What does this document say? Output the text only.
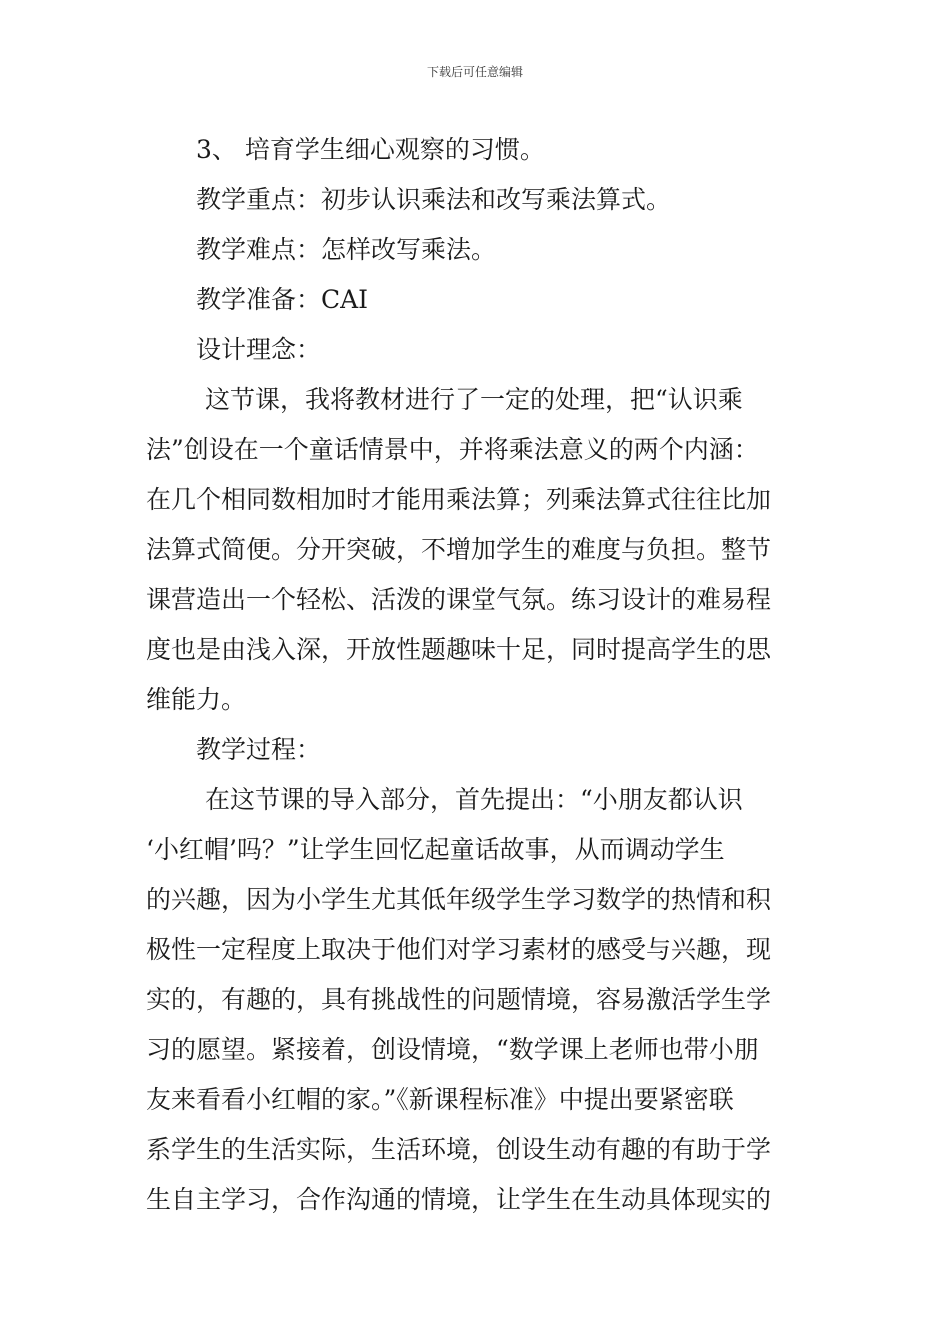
下载后可任意编辑
3、 培育学生细心观察的习惯。
教学重点：初步认识乘法和改写乘法算式。
教学难点：怎样改写乘法。
教学准备：CAI
设计理念：
这节课，我将教材进行了一定的处理，把“认识乘
法”创设在一个童话情景中，并将乘法意义的两个内涵：
在几个相同数相加时才能用乘法算；列乘法算式往往比加
法算式简便。分开突破，不增加学生的难度与负担。整节
课营造出一个轻松、活泼的课堂气氛。练习设计的难易程
度也是由浅入深，开放性题趣味十足，同时提高学生的思
维能力。
教学过程：
在这节课的导入部分，首先提出：“小朋友都认识
‘小红帽’吗？”让学生回忆起童话故事，从而调动学生
的兴趣，因为小学生尤其低年级学生学习数学的热情和积
极性一定程度上取决于他们对学习素材的感受与兴趣，现
实的，有趣的，具有挑战性的问题情境，容易激活学生学
习的愿望。紧接着，创设情境，“数学课上老师也带小朋
友来看看小红帽的家。”《新课程标准》中提出要紧密联
系学生的生活实际，生活环境，创设生动有趣的有助于学
生自主学习，合作沟通的情境，让学生在生动具体现实的
